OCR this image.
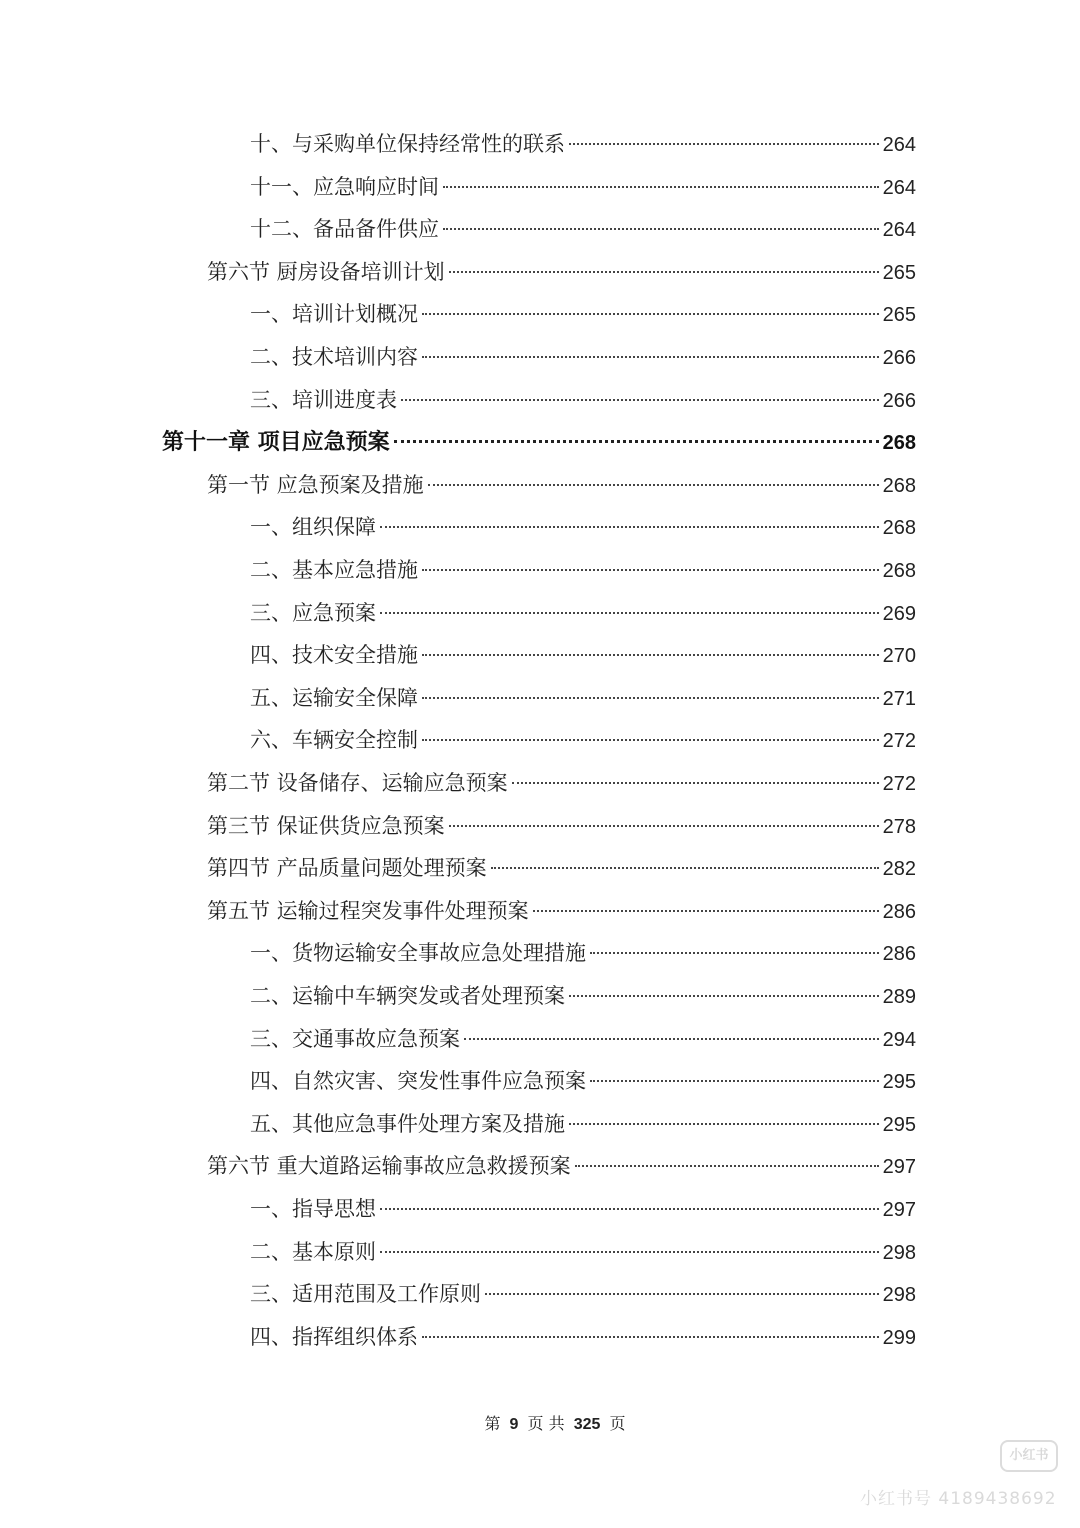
十、与采购单位保持经常性的联系	264
十一、应急响应时间	264
十二、备品备件供应	264
第六节 厨房设备培训计划	265
一、培训计划概况	265
二、技术培训内容	266
三、培训进度表	266
第十一章 项目应急预案	268
第一节 应急预案及措施	268
一、组织保障	268
二、基本应急措施	268
三、应急预案	269
四、技术安全措施	270
五、运输安全保障	271
六、车辆安全控制	272
第二节 设备储存、运输应急预案	272
第三节 保证供货应急预案	278
第四节 产品质量问题处理预案	282
第五节 运输过程突发事件处理预案	286
一、货物运输安全事故应急处理措施	286
二、运输中车辆突发或者处理预案	289
三、交通事故应急预案	294
四、自然灾害、突发性事件应急预案	295
五、其他应急事件处理方案及措施	295
第六节 重大道路运输事故应急救援预案	297
一、指导思想	297
二、基本原则	298
三、适用范围及工作原则	298
四、指挥组织体系	299
第 9 页 共 325 页
小红书
小红书号 4189438692
